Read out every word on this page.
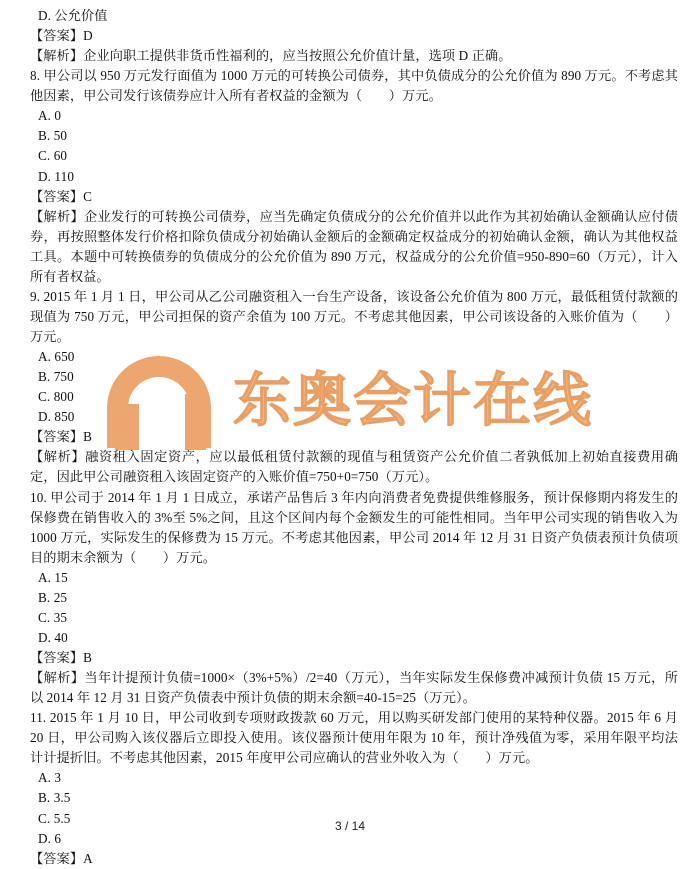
东奥会计在线

D. 公允价值

【答案】D

【解析】企业向职工提供非货币性福利的，应当按照公允价值计量，选项 D 正确。

8. 甲公司以 950 万元发行面值为 1000 万元的可转换公司债券，其中负债成分的公允价值为 890 万元。不考虑其他因素，甲公司发行该债券应计入所有者权益的金额为（　　）万元。

A. 0

B. 50

C. 60

D. 110

【答案】C

【解析】企业发行的可转换公司债券，应当先确定负债成分的公允价值并以此作为其初始确认金额确认应付债券，再按照整体发行价格扣除负债成分初始确认金额后的金额确定权益成分的初始确认金额，确认为其他权益工具。本题中可转换债券的负债成分的公允价值为 890 万元，权益成分的公允价值=950-890=60（万元），计入所有者权益。

9. 2015 年 1 月 1 日，甲公司从乙公司融资租入一台生产设备，该设备公允价值为 800 万元，最低租赁付款额的现值为 750 万元，甲公司担保的资产余值为 100 万元。不考虑其他因素，甲公司该设备的入账价值为（　　）万元。

A. 650

B. 750

C. 800

D. 850

【答案】B

【解析】融资租入固定资产，应以最低租赁付款额的现值与租赁资产公允价值二者孰低加上初始直接费用确定，因此甲公司融资租入该固定资产的入账价值=750+0=750（万元）。

10. 甲公司于 2014 年 1 月 1 日成立，承诺产品售后 3 年内向消费者免费提供维修服务，预计保修期内将发生的保修费在销售收入的 3%至 5%之间，且这个区间内每个金额发生的可能性相同。当年甲公司实现的销售收入为 1000 万元，实际发生的保修费为 15 万元。不考虑其他因素，甲公司 2014 年 12 月 31 日资产负债表预计负债项目的期末余额为（　　）万元。

A. 15

B. 25

C. 35

D. 40

【答案】B

【解析】当年计提预计负债=1000×（3%+5%）/2=40（万元），当年实际发生保修费冲减预计负债 15 万元，所以 2014 年 12 月 31 日资产负债表中预计负债的期末余额=40-15=25（万元）。

11. 2015 年 1 月 10 日，甲公司收到专项财政拨款 60 万元，用以购买研发部门使用的某特种仪器。2015 年 6 月 20 日，甲公司购入该仪器后立即投入使用。该仪器预计使用年限为 10 年，预计净残值为零，采用年限平均法计计提折旧。不考虑其他因素，2015 年度甲公司应确认的营业外收入为（　　）万元。

A. 3

B. 3.5

C. 5.5

D. 6

【答案】A

3 / 14
